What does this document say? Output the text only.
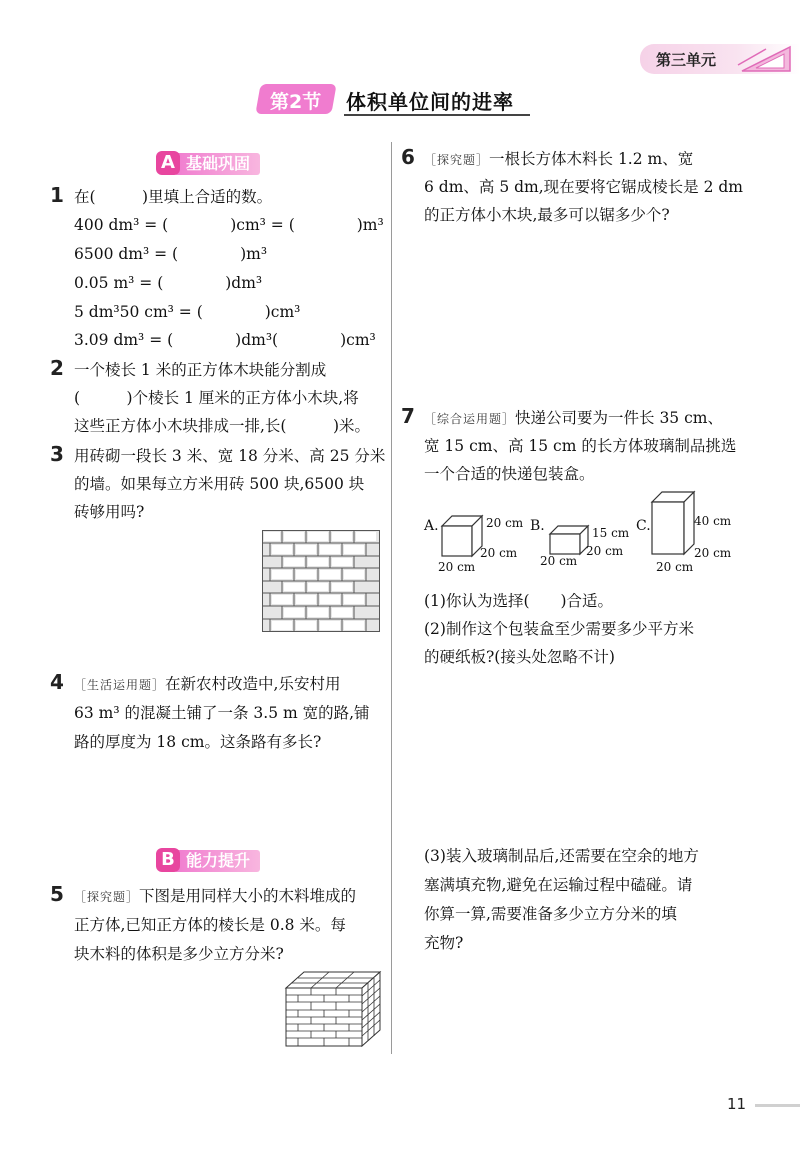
第三单元
第2节 体积单位间的进率
基础巩固
A
1 在(　　　)里填上合适的数。
400 dm³ = (　　　　)cm³ = (　　　　)m³
6500 dm³ = (　　　　)m³
0.05 m³ = (　　　　)dm³
5 dm³50 cm³ = (　　　　)cm³
3.09 dm³ = (　　　　)dm³(　　　　)cm³
2 一个棱长 1 米的正方体木块能分割成
(　　　)个棱长 1 厘米的正方体小木块,将
这些正方体小木块排成一排,长(　　　)米。
3 用砖砌一段长 3 米、宽 18 分米、高 25 分米
的墙。如果每立方米用砖 500 块,6500 块
砖够用吗?
4 ［生活运用题］在新农村改造中,乐安村用
63 m³ 的混凝土铺了一条 3.5 m 宽的路,铺
路的厚度为 18 cm。这条路有多长?
能力提升
B
5 ［探究题］下图是用同样大小的木料堆成的
正方体,已知正方体的棱长是 0.8 米。每
块木料的体积是多少立方分米?
6 ［探究题］一根长方体木料长 1.2 m、宽
6 dm、高 5 dm,现在要将它锯成棱长是 2 dm
的正方体小木块,最多可以锯多少个?
7 ［综合运用题］快递公司要为一件长 35 cm、
宽 15 cm、高 15 cm 的长方体玻璃制品挑选
一个合适的快递包装盒。
A.	20 cm
20 cm
20 cm
B.	15 cm
20 cm
20 cm
C.	40 cm
20 cm
20 cm
(1)你认为选择(　　)合适。
(2)制作这个包装盒至少需要多少平方米
的硬纸板?(接头处忽略不计)
(3)装入玻璃制品后,还需要在空余的地方
塞满填充物,避免在运输过程中磕碰。请
你算一算,需要准备多少立方分米的填
充物?
11
